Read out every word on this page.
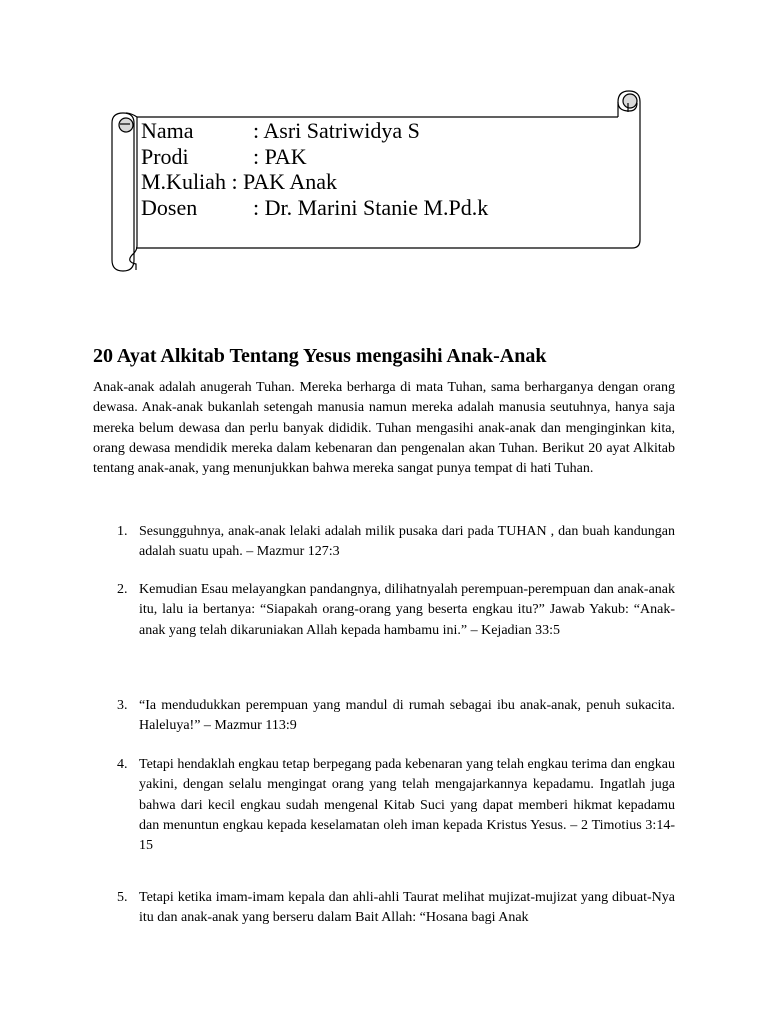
Nama	: Asri Satriwidya S
Prodi	: PAK
M.Kuliah : PAK Anak
Dosen	: Dr. Marini Stanie M.Pd.k
20 Ayat Alkitab Tentang Yesus mengasihi Anak-Anak

Anak-anak adalah anugerah Tuhan. Mereka berharga di mata Tuhan, sama berharganya dengan orang dewasa. Anak-anak bukanlah setengah manusia namun mereka adalah manusia seutuhnya, hanya saja mereka belum dewasa dan perlu banyak dididik. Tuhan mengasihi anak-anak dan menginginkan kita, orang dewasa mendidik mereka dalam kebenaran dan pengenalan akan Tuhan. Berikut 20 ayat Alkitab tentang anak-anak, yang menunjukkan bahwa mereka sangat punya tempat di hati Tuhan.

1. Sesungguhnya, anak-anak lelaki adalah milik pusaka dari pada TUHAN , dan buah kandungan adalah suatu upah. – Mazmur 127:3

2. Kemudian Esau melayangkan pandangnya, dilihatnyalah perempuan-perempuan dan anak-anak itu, lalu ia bertanya: “Siapakah orang-orang yang beserta engkau itu?” Jawab Yakub: “Anak-anak yang telah dikaruniakan Allah kepada hambamu ini.” – Kejadian 33:5

3. “Ia mendudukkan perempuan yang mandul di rumah sebagai ibu anak-anak, penuh sukacita. Haleluya!” – Mazmur 113:9

4. Tetapi hendaklah engkau tetap berpegang pada kebenaran yang telah engkau terima dan engkau yakini, dengan selalu mengingat orang yang telah mengajarkannya kepadamu. Ingatlah juga bahwa dari kecil engkau sudah mengenal Kitab Suci yang dapat memberi hikmat kepadamu dan menuntun engkau kepada keselamatan oleh iman kepada Kristus Yesus. – 2 Timotius 3:14-15

5. Tetapi ketika imam-imam kepala dan ahli-ahli Taurat melihat mujizat-mujizat yang dibuat-Nya itu dan anak-anak yang berseru dalam Bait Allah: “Hosana bagi Anak
